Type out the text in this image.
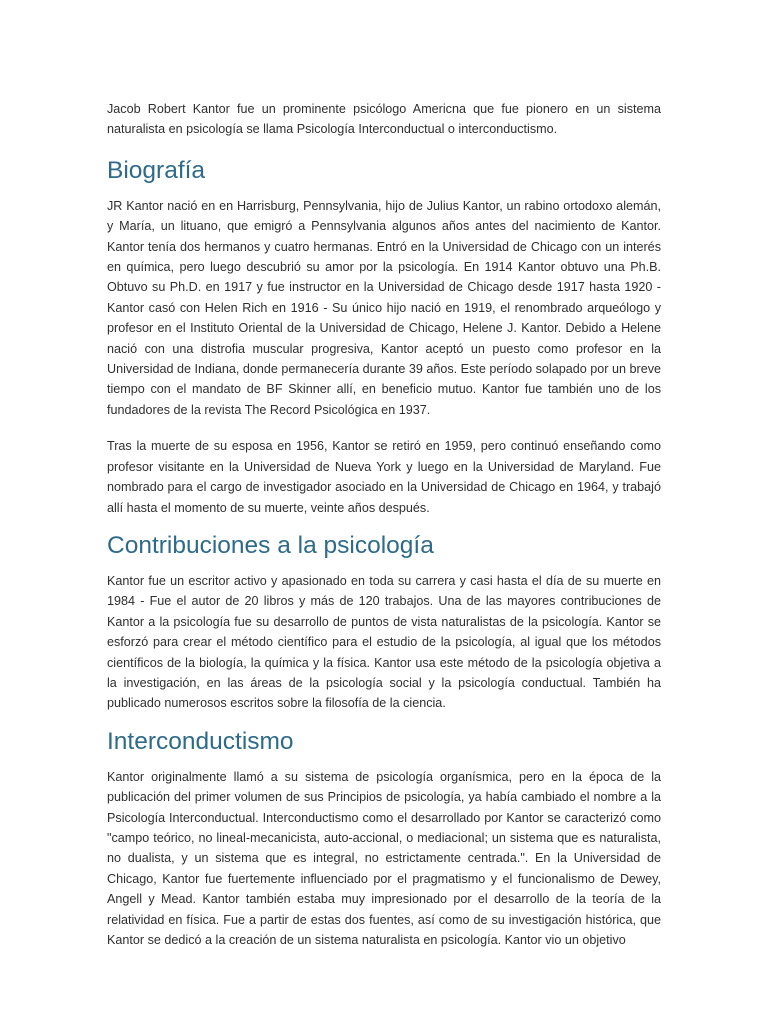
Jacob Robert Kantor fue un prominente psicólogo Americna que fue pionero en un sistema naturalista en psicología se llama Psicología Interconductual o interconductismo.

Biografía

JR Kantor nació en en Harrisburg, Pennsylvania, hijo de Julius Kantor, un rabino ortodoxo alemán, y María, un lituano, que emigró a Pennsylvania algunos años antes del nacimiento de Kantor. Kantor tenía dos hermanos y cuatro hermanas. Entró en la Universidad de Chicago con un interés en química, pero luego descubrió su amor por la psicología. En 1914 Kantor obtuvo una Ph.B. Obtuvo su Ph.D. en 1917 y fue instructor en la Universidad de Chicago desde 1917 hasta 1920 - Kantor casó con Helen Rich en 1916 - Su único hijo nació en 1919, el renombrado arqueólogo y profesor en el Instituto Oriental de la Universidad de Chicago, Helene J. Kantor. Debido a Helene nació con una distrofia muscular progresiva, Kantor aceptó un puesto como profesor en la Universidad de Indiana, donde permanecería durante 39 años. Este período solapado por un breve tiempo con el mandato de BF Skinner allí, en beneficio mutuo. Kantor fue también uno de los fundadores de la revista The Record Psicológica en 1937.

Tras la muerte de su esposa en 1956, Kantor se retiró en 1959, pero continuó enseñando como profesor visitante en la Universidad de Nueva York y luego en la Universidad de Maryland. Fue nombrado para el cargo de investigador asociado en la Universidad de Chicago en 1964, y trabajó allí hasta el momento de su muerte, veinte años después.

Contribuciones a la psicología

Kantor fue un escritor activo y apasionado en toda su carrera y casi hasta el día de su muerte en 1984 - Fue el autor de 20 libros y más de 120 trabajos. Una de las mayores contribuciones de Kantor a la psicología fue su desarrollo de puntos de vista naturalistas de la psicología. Kantor se esforzó para crear el método científico para el estudio de la psicología, al igual que los métodos científicos de la biología, la química y la física. Kantor usa este método de la psicología objetiva a la investigación, en las áreas de la psicología social y la psicología conductual. También ha publicado numerosos escritos sobre la filosofía de la ciencia.

Interconductismo

Kantor originalmente llamó a su sistema de psicología organísmica, pero en la época de la publicación del primer volumen de sus Principios de psicología, ya había cambiado el nombre a la Psicología Interconductual. Interconductismo como el desarrollado por Kantor se caracterizó como "campo teórico, no lineal-mecanicista, auto-accional, o mediacional; un sistema que es naturalista, no dualista, y un sistema que es integral, no estrictamente centrada.". En la Universidad de Chicago, Kantor fue fuertemente influenciado por el pragmatismo y el funcionalismo de Dewey, Angell y Mead. Kantor también estaba muy impresionado por el desarrollo de la teoría de la relatividad en física. Fue a partir de estas dos fuentes, así como de su investigación histórica, que Kantor se dedicó a la creación de un sistema naturalista en psicología. Kantor vio un objetivo
